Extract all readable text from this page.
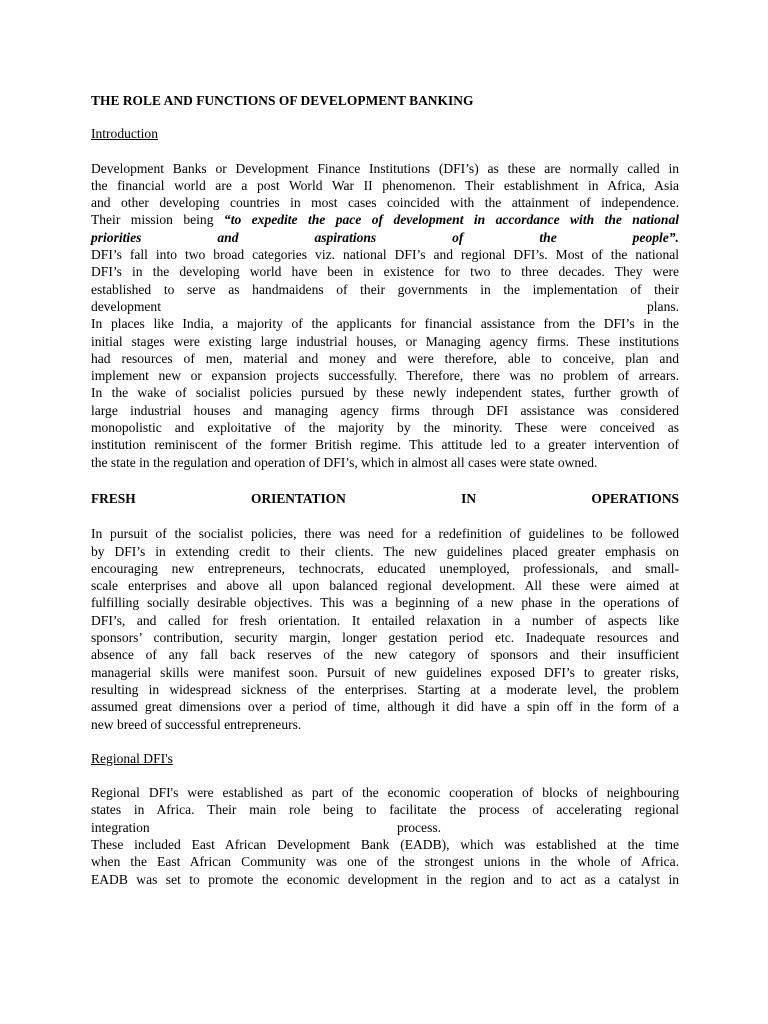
THE ROLE AND FUNCTIONS OF DEVELOPMENT BANKING

Introduction

Development Banks or Development Finance Institutions (DFI’s) as these are normally called in
the financial world are a post World War II phenomenon. Their establishment in Africa, Asia
and other developing countries in most cases coincided with the attainment of independence.
Their mission being “to expedite the pace of development in accordance with the national
priorities	and	aspirations	of	the	people”.
DFI’s fall into two broad categories viz. national DFI’s and regional DFI’s. Most of the national
DFI’s in the developing world have been in existence for two to three decades. They were
established to serve as handmaidens of their governments in the implementation of their
development	plans.
In places like India, a majority of the applicants for financial assistance from the DFI’s in the
initial stages were existing large industrial houses, or Managing agency firms. These institutions
had resources of men, material and money and were therefore, able to conceive, plan and
implement new or expansion projects successfully. Therefore, there was no problem of arrears.
In the wake of socialist policies pursued by these newly independent states, further growth of
large industrial houses and managing agency firms through DFI assistance was considered
monopolistic and exploitative of the majority by the minority. These were conceived as
institution reminiscent of the former British regime. This attitude led to a greater intervention of
the state in the regulation and operation of DFI’s, which in almost all cases were state owned.
FRESH	ORIENTATION	IN	OPERATIONS
In pursuit of the socialist policies, there was need for a redefinition of guidelines to be followed
by DFI’s in extending credit to their clients. The new guidelines placed greater emphasis on
encouraging new entrepreneurs, technocrats, educated unemployed, professionals, and small-
scale enterprises and above all upon balanced regional development. All these were aimed at
fulfilling socially desirable objectives. This was a beginning of a new phase in the operations of
DFI’s, and called for fresh orientation. It entailed relaxation in a number of aspects like
sponsors’ contribution, security margin, longer gestation period etc. Inadequate resources and
absence of any fall back reserves of the new category of sponsors and their insufficient
managerial skills were manifest soon. Pursuit of new guidelines exposed DFI’s to greater risks,
resulting in widespread sickness of the enterprises. Starting at a moderate level, the problem
assumed great dimensions over a period of time, although it did have a spin off in the form of a
new breed of successful entrepreneurs.

Regional DFI's

Regional DFI's were established as part of the economic cooperation of blocks of neighbouring
states in Africa. Their main role being to facilitate the process of accelerating regional
integration	process.
These included East African Development Bank (EADB), which was established at the time
when the East African Community was one of the strongest unions in the whole of Africa.
EADB was set to promote the economic development in the region and to act as a catalyst in
